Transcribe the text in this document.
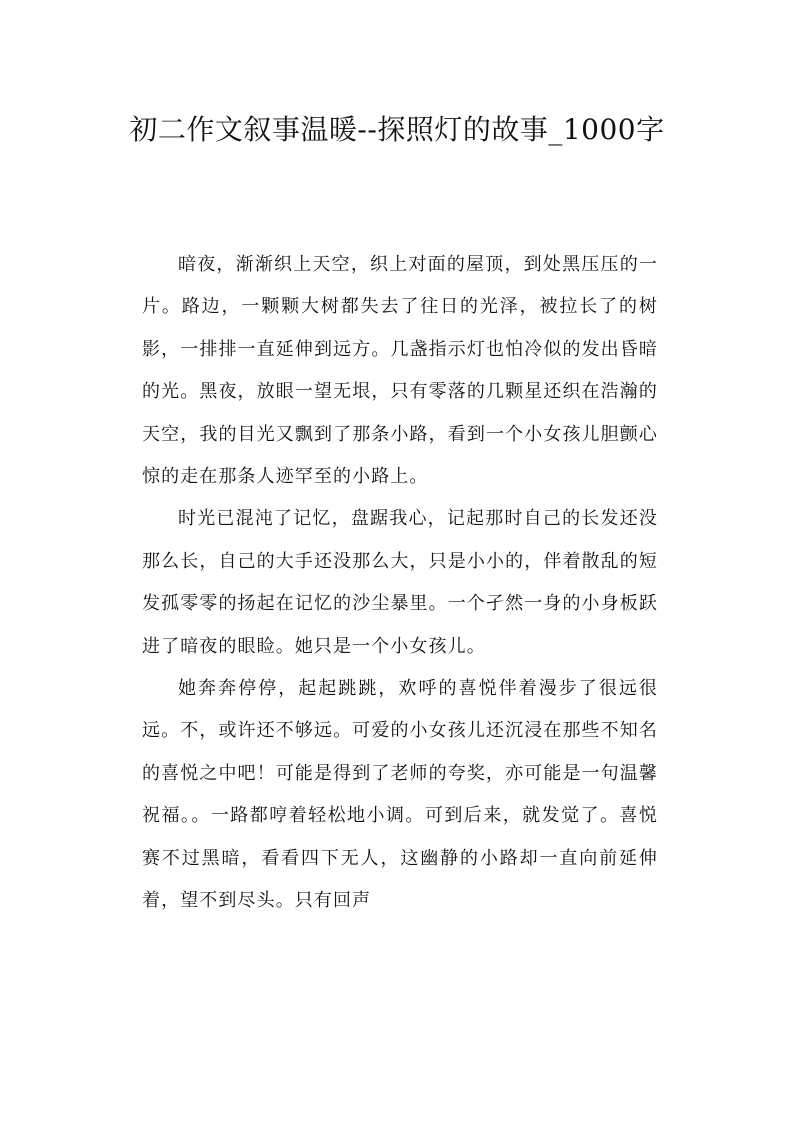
初二作文叙事温暖--探照灯的故事_1000字

暗夜，渐渐织上天空，织上对面的屋顶，到处黑压压的一片。路边，一颗颗大树都失去了往日的光泽，被拉长了的树影，一排排一直延伸到远方。几盏指示灯也怕冷似的发出昏暗的光。黑夜，放眼一望无垠，只有零落的几颗星还织在浩瀚的天空，我的目光又飘到了那条小路，看到一个小女孩儿胆颤心惊的走在那条人迹罕至的小路上。

时光已混沌了记忆，盘踞我心，记起那时自己的长发还没那么长，自己的大手还没那么大，只是小小的，伴着散乱的短发孤零零的扬起在记忆的沙尘暴里。一个孑然一身的小身板跃进了暗夜的眼睑。她只是一个小女孩儿。

她奔奔停停，起起跳跳，欢呼的喜悦伴着漫步了很远很远。不，或许还不够远。可爱的小女孩儿还沉浸在那些不知名的喜悦之中吧！可能是得到了老师的夸奖，亦可能是一句温馨祝福。。一路都哼着轻松地小调。可到后来，就发觉了。喜悦赛不过黑暗，看看四下无人，这幽静的小路却一直向前延伸着，望不到尽头。只有回声
